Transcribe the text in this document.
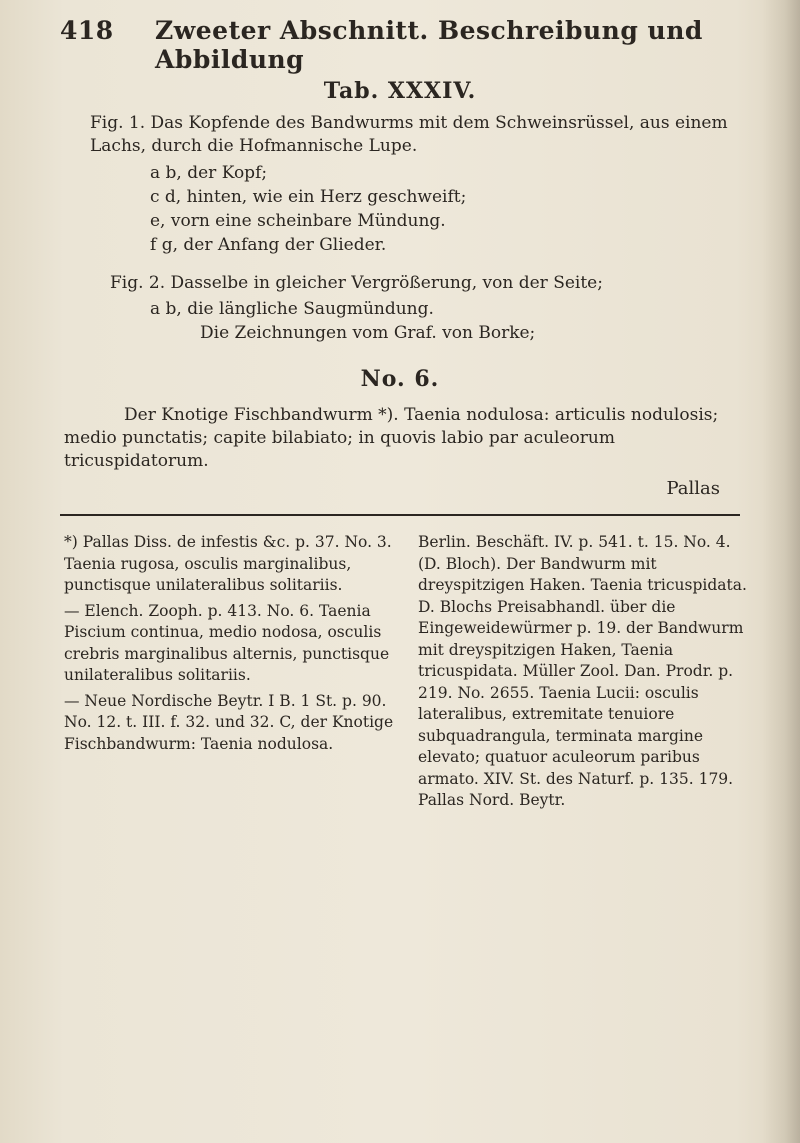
418 Zweeter Abschnitt. Beschreibung und Abbildung
Tab. XXXIV.
Fig. 1. Das Kopfende des Bandwurms mit dem Schweinsrüssel, aus einem Lachs, durch die Hofmannische Lupe.
a b, der Kopf;
c d, hinten, wie ein Herz geschweift;
e, vorn eine scheinbare Mündung.
f g, der Anfang der Glieder.
Fig. 2. Dasselbe in gleicher Vergrößerung, von der Seite;
a b, die längliche Saugmündung.
Die Zeichnungen vom Graf. von Borke;
No. 6.
Der Knotige Fischbandwurm *). Taenia nodulosa: articulis nodulosis; medio punctatis; capite bilabiato; in quovis labio par aculeorum tricuspidatorum.
Pallas

*) Pallas Diss. de infestis &c. p. 37. No. 3. Taenia rugosa, osculis marginalibus, punctisque unilateralibus solitariis.

— Elench. Zooph. p. 413. No. 6. Taenia Piscium continua, medio nodosa, osculis crebris marginalibus alternis, punctisque unilateralibus solitariis.

— Neue Nordische Beytr. I B. 1 St. p. 90. No. 12. t. III. f. 32. und 32. C, der Knotige Fischbandwurm: Taenia nodulosa.

Berlin. Beschäft. IV. p. 541. t. 15. No. 4. (D. Bloch). Der Bandwurm mit dreyspitzigen Haken. Taenia tricuspidata. D. Blochs Preisabhandl. über die Eingeweidewürmer p. 19. der Bandwurm mit dreyspitzigen Haken, Taenia tricuspidata. Müller Zool. Dan. Prodr. p. 219. No. 2655. Taenia Lucii: osculis lateralibus, extremitate tenuiore subquadrangula, terminata margine elevato; quatuor aculeorum paribus armato. XIV. St. des Naturf. p. 135. 179. Pallas Nord. Beytr.
